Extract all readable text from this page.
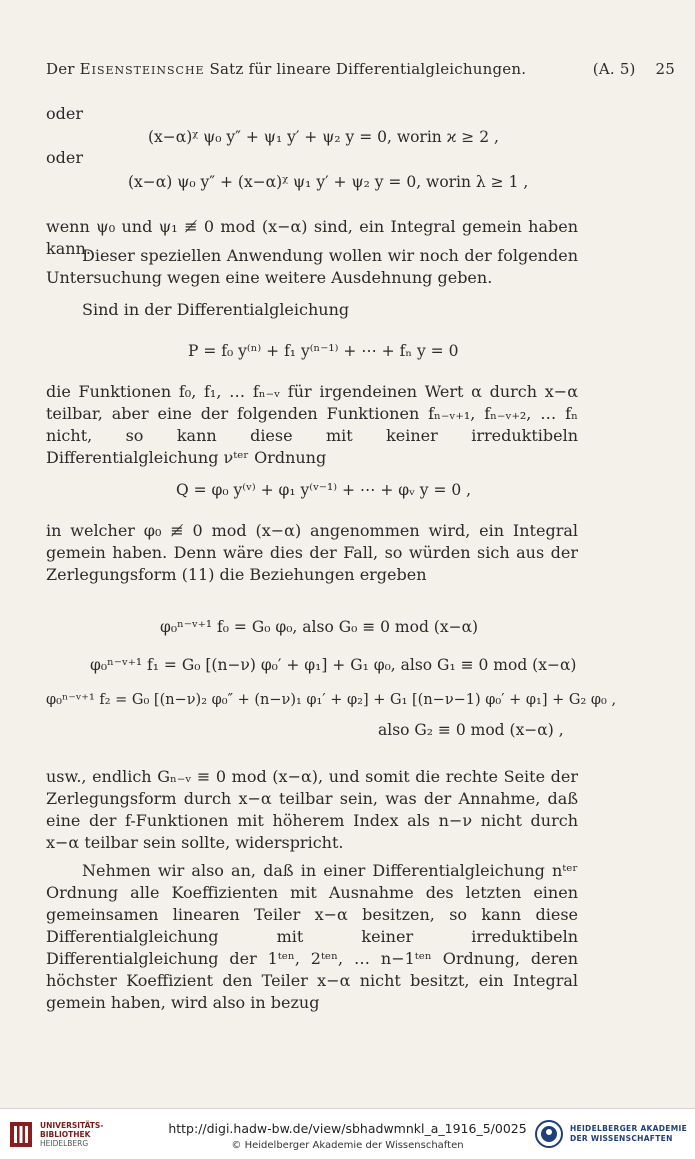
Der Eisensteinsche Satz für lineare Differentialgleichungen.	(A. 5) 25
oder
(x−α)ᵡ ψ₀ y″ + ψ₁ y′ + ψ₂ y = 0, worin ϰ ≥ 2 ,
oder
(x−α) ψ₀ y″ + (x−α)ᵡ ψ₁ y′ + ψ₂ y = 0, worin λ ≥ 1 ,
wenn ψ₀ und ψ₁ ≢ 0 mod (x−α) sind, ein Integral gemein haben kann.
Dieser speziellen Anwendung wollen wir noch der folgenden Untersuchung wegen eine weitere Ausdehnung geben.
Sind in der Differentialgleichung
P = f₀ y⁽ⁿ⁾ + f₁ y⁽ⁿ⁻¹⁾ + ⋯ + fₙ y = 0
die Funktionen f₀, f₁, … fₙ₋ᵥ für irgendeinen Wert α durch x−α teilbar, aber eine der folgenden Funktionen fₙ₋ᵥ₊₁, fₙ₋ᵥ₊₂, … fₙ nicht, so kann diese mit keiner irreduktibeln Differentialgleichung νᵗᵉʳ Ordnung
Q = φ₀ y⁽ᵛ⁾ + φ₁ y⁽ᵛ⁻¹⁾ + ⋯ + φᵥ y = 0 ,
in welcher φ₀ ≢ 0 mod (x−α) angenommen wird, ein Integral gemein haben. Denn wäre dies der Fall, so würden sich aus der Zerlegungsform (11) die Beziehungen ergeben
φ₀ⁿ⁻ᵛ⁺¹ f₀ = G₀ φ₀, also G₀ ≡ 0 mod (x−α)
φ₀ⁿ⁻ᵛ⁺¹ f₁ = G₀ [(n−ν) φ₀′ + φ₁] + G₁ φ₀, also G₁ ≡ 0 mod (x−α)
φ₀ⁿ⁻ᵛ⁺¹ f₂ = G₀ [(n−ν)₂ φ₀″ + (n−ν)₁ φ₁′ + φ₂] + G₁ [(n−ν−1) φ₀′ + φ₁] + G₂ φ₀ ,
also G₂ ≡ 0 mod (x−α) ,
usw., endlich Gₙ₋ᵥ ≡ 0 mod (x−α), und somit die rechte Seite der Zerlegungsform durch x−α teilbar sein, was der Annahme, daß eine der f-Funktionen mit höherem Index als n−ν nicht durch x−α teilbar sein sollte, widerspricht.
Nehmen wir also an, daß in einer Differentialgleichung nᵗᵉʳ Ordnung alle Koeffizienten mit Ausnahme des letzten einen gemeinsamen linearen Teiler x−α besitzen, so kann diese Differentialgleichung mit keiner irreduktibeln Differentialgleichung der 1ᵗᵉⁿ, 2ᵗᵉⁿ, … n−1ᵗᵉⁿ Ordnung, deren höchster Koeffizient den Teiler x−α nicht besitzt, ein Integral gemein haben, wird also in bezug
UNIVERSITÄTS-
BIBLIOTHEK
HEIDELBERG
http://digi.hadw-bw.de/view/sbhadwmnkl_a_1916_5/0025
© Heidelberger Akademie der Wissenschaften
HEIDELBERGER AKADEMIE
DER WISSENSCHAFTEN
